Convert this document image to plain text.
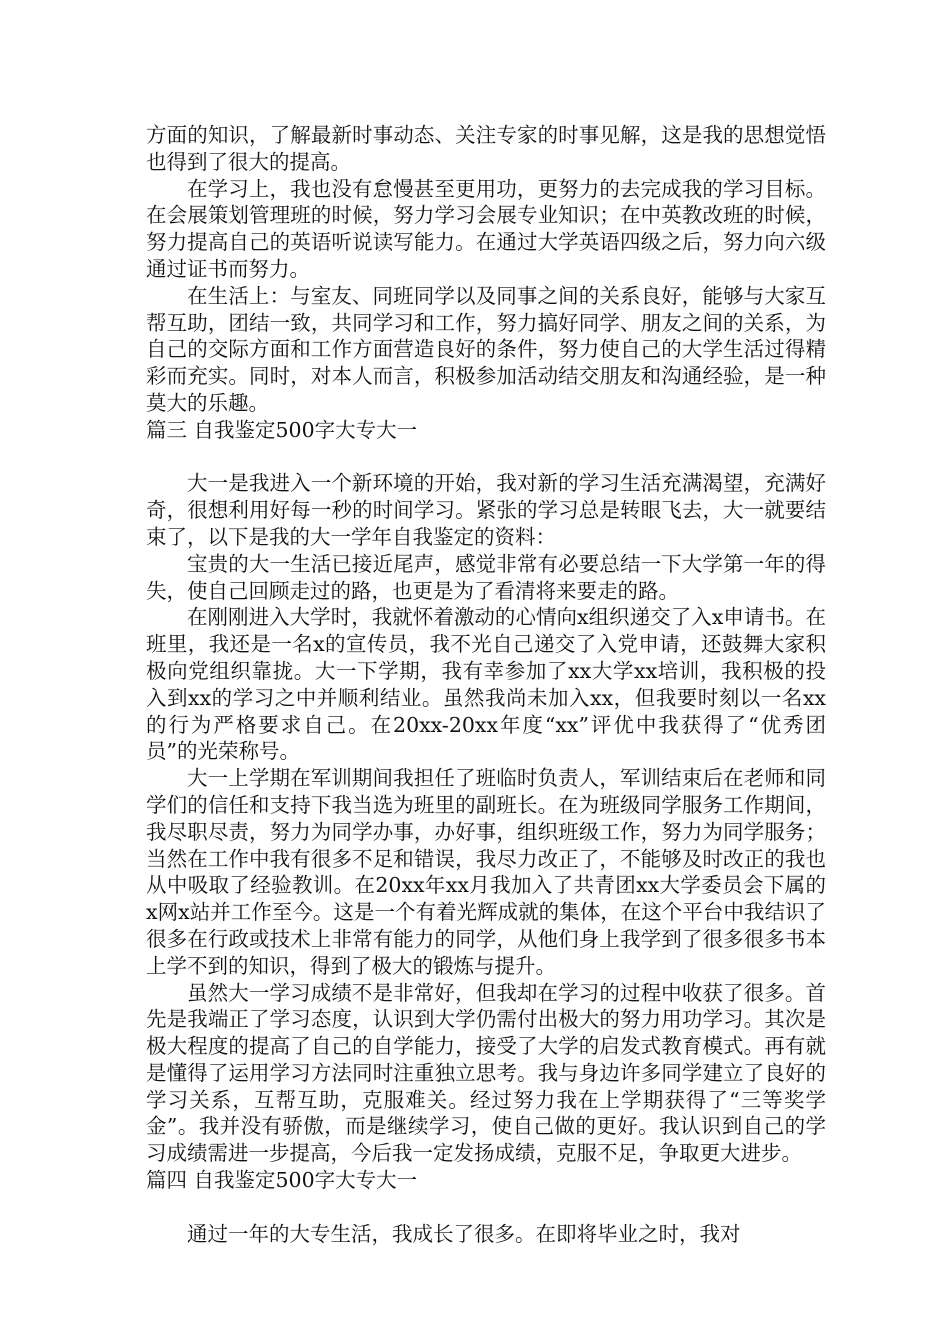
方面的知识，了解最新时事动态、关注专家的时事见解，这是我的思想觉悟也得到了很大的提高。

在学习上，我也没有怠慢甚至更用功，更努力的去完成我的学习目标。在会展策划管理班的时候，努力学习会展专业知识；在中英教改班的时候，努力提高自己的英语听说读写能力。在通过大学英语四级之后，努力向六级通过证书而努力。

在生活上：与室友、同班同学以及同事之间的关系良好，能够与大家互帮互助，团结一致，共同学习和工作，努力搞好同学、朋友之间的关系，为自己的交际方面和工作方面营造良好的条件，努力使自己的大学生活过得精彩而充实。同时，对本人而言，积极参加活动结交朋友和沟通经验，是一种莫大的乐趣。

篇三 自我鉴定500字大专大一

大一是我进入一个新环境的开始，我对新的学习生活充满渴望，充满好奇，很想利用好每一秒的时间学习。紧张的学习总是转眼飞去，大一就要结束了，以下是我的大一学年自我鉴定的资料：

宝贵的大一生活已接近尾声，感觉非常有必要总结一下大学第一年的得失，使自己回顾走过的路，也更是为了看清将来要走的路。

在刚刚进入大学时，我就怀着激动的心情向x组织递交了入x申请书。在班里，我还是一名x的宣传员，我不光自己递交了入党申请，还鼓舞大家积极向党组织靠拢。大一下学期，我有幸参加了xx大学xx培训，我积极的投入到xx的学习之中并顺利结业。虽然我尚未加入xx，但我要时刻以一名xx的行为严格要求自己。在20xx-20xx年度“xx”评优中我获得了“优秀团员”的光荣称号。

大一上学期在军训期间我担任了班临时负责人，军训结束后在老师和同学们的信任和支持下我当选为班里的副班长。在为班级同学服务工作期间，我尽职尽责，努力为同学办事，办好事，组织班级工作，努力为同学服务；当然在工作中我有很多不足和错误，我尽力改正了，不能够及时改正的我也从中吸取了经验教训。在20xx年xx月我加入了共青团xx大学委员会下属的x网x站并工作至今。这是一个有着光辉成就的集体，在这个平台中我结识了很多在行政或技术上非常有能力的同学，从他们身上我学到了很多很多书本上学不到的知识，得到了极大的锻炼与提升。

虽然大一学习成绩不是非常好，但我却在学习的过程中收获了很多。首先是我端正了学习态度，认识到大学仍需付出极大的努力用功学习。其次是极大程度的提高了自己的自学能力，接受了大学的启发式教育模式。再有就是懂得了运用学习方法同时注重独立思考。我与身边许多同学建立了良好的学习关系，互帮互助，克服难关。经过努力我在上学期获得了“三等奖学金”。我并没有骄傲，而是继续学习，使自己做的更好。我认识到自己的学习成绩需进一步提高，今后我一定发扬成绩，克服不足，争取更大进步。

篇四 自我鉴定500字大专大一

通过一年的大专生活，我成长了很多。在即将毕业之时，我对
